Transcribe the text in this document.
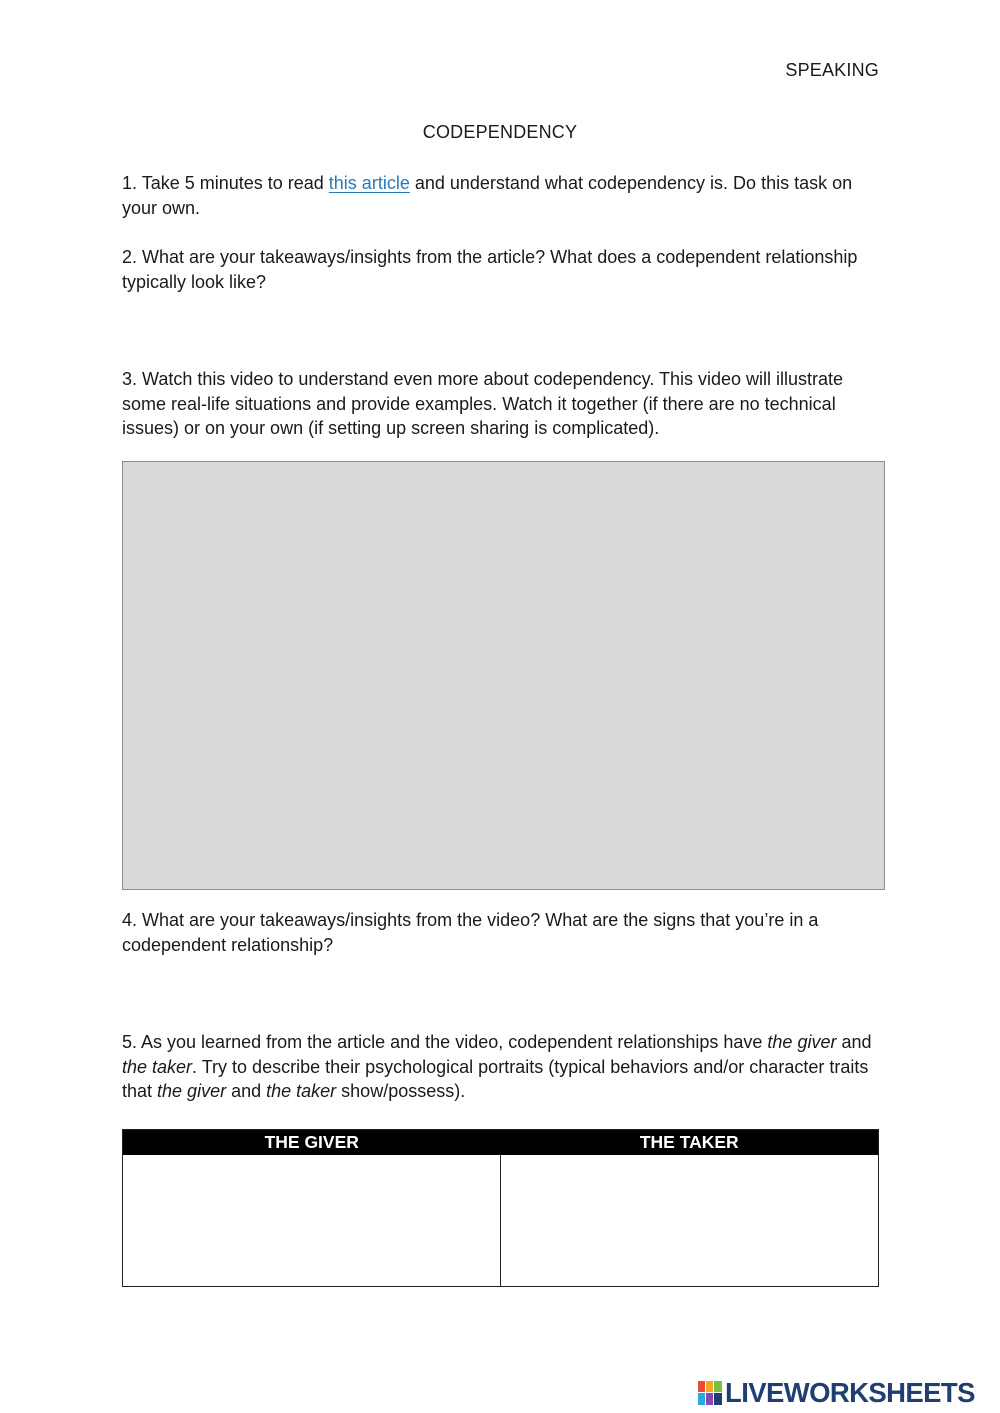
SPEAKING
CODEPENDENCY
1. Take 5 minutes to read this article and understand what codependency is. Do this task on your own.
2. What are your takeaways/insights from the article? What does a codependent relationship typically look like?
3. Watch this video to understand even more about codependency. This video will illustrate some real-life situations and provide examples. Watch it together (if there are no technical issues) or on your own (if setting up screen sharing is complicated).
4. What are your takeaways/insights from the video? What are the signs that you’re in a codependent relationship?
5. As you learned from the article and the video, codependent relationships have the giver and the taker. Try to describe their psychological portraits (typical behaviors and/or character traits that the giver and the taker show/possess).
THE GIVER	THE TAKER
LIVEWORKSHEETS
